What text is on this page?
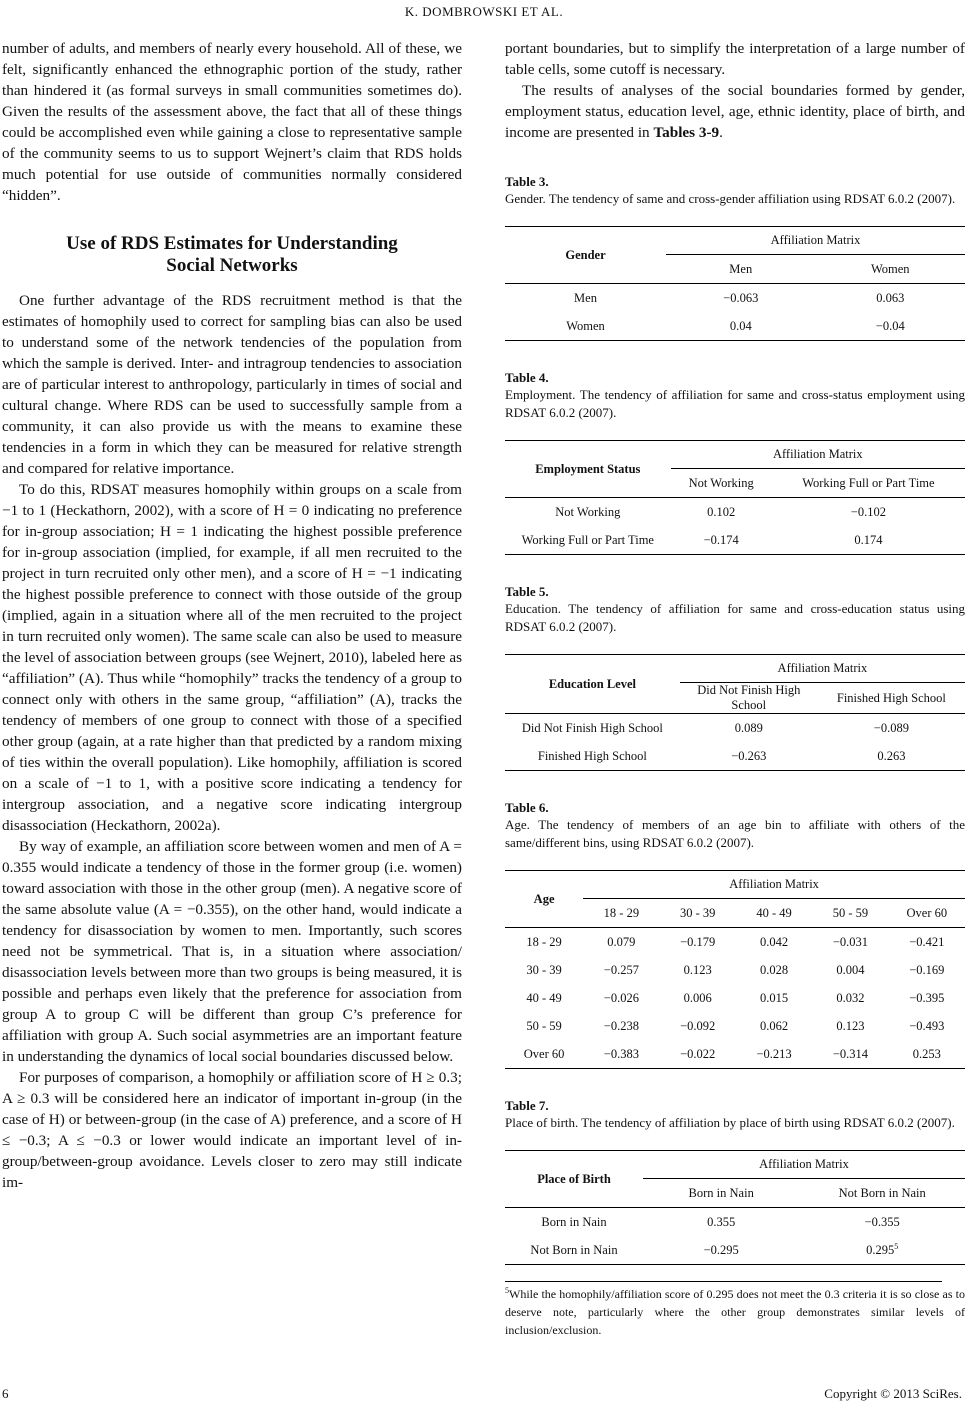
K. DOMBROWSKI ET AL.

number of adults, and members of nearly every household. All of these, we felt, significantly enhanced the ethnographic portion of the study, rather than hindered it (as formal surveys in small communities sometimes do). Given the results of the assessment above, the fact that all of these things could be accomplished even while gaining a close to representative sample of the community seems to us to support Wejnert’s claim that RDS holds much potential for use outside of communities normally considered “hidden”.

Use of RDS Estimates for Understanding
Social Networks

One further advantage of the RDS recruitment method is that the estimates of homophily used to correct for sampling bias can also be used to understand some of the network tendencies of the population from which the sample is derived. Inter- and intragroup tendencies to association are of particular interest to anthropology, particularly in times of social and cultural change. Where RDS can be used to successfully sample from a community, it can also provide us with the means to examine these tendencies in a form in which they can be measured for relative strength and compared for relative importance.

To do this, RDSAT measures homophily within groups on a scale from −1 to 1 (Heckathorn, 2002), with a score of H = 0 indicating no preference for in-group association; H = 1 indicating the highest possible preference for in-group association (implied, for example, if all men recruited to the project in turn recruited only other men), and a score of H = −1 indicating the highest possible preference to connect with those outside of the group (implied, again in a situation where all of the men recruited to the project in turn recruited only women). The same scale can also be used to measure the level of association between groups (see Wejnert, 2010), labeled here as “affiliation” (A). Thus while “homophily” tracks the tendency of a group to connect only with others in the same group, “affiliation” (A), tracks the tendency of members of one group to connect with those of a specified other group (again, at a rate higher than that predicted by a random mixing of ties within the overall population). Like homophily, affiliation is scored on a scale of −1 to 1, with a positive score indicating a tendency for intergroup association, and a negative score indicating intergroup disassociation (Heckathorn, 2002a).

By way of example, an affiliation score between women and men of A = 0.355 would indicate a tendency of those in the former group (i.e. women) toward association with those in the other group (men). A negative score of the same absolute value (A = −0.355), on the other hand, would indicate a tendency for disassociation by women to men. Importantly, such scores need not be symmetrical. That is, in a situation where association/ disassociation levels between more than two groups is being measured, it is possible and perhaps even likely that the preference for association from group A to group C will be different than group C’s preference for affiliation with group A. Such social asymmetries are an important feature in understanding the dynamics of local social boundaries discussed below.

For purposes of comparison, a homophily or affiliation score of H ≥ 0.3; A ≥ 0.3 will be considered here an indicator of important in-group (in the case of H) or between-group (in the case of A) preference, and a score of H ≤ −0.3; A ≤ −0.3 or lower would indicate an important level of in-group/between-group avoidance. Levels closer to zero may still indicate im-

portant boundaries, but to simplify the interpretation of a large number of table cells, some cutoff is necessary.

The results of analyses of the social boundaries formed by gender, employment status, education level, age, ethnic identity, place of birth, and income are presented in Tables 3-9.

Table 3.

Gender. The tendency of same and cross-gender affiliation using RDSAT 6.0.2 (2007).

Gender	Affiliation Matrix	
	Men	Women
Men	−0.063	0.063
Women	0.04	−0.04

Table 4.

Employment. The tendency of affiliation for same and cross-status employment using RDSAT 6.0.2 (2007).

Employment Status	Affiliation Matrix	
	Not Working	Working Full or Part Time
Not Working	0.102	−0.102
Working Full or Part Time	−0.174	0.174

Table 5.

Education. The tendency of affiliation for same and cross-education status using RDSAT 6.0.2 (2007).

Education Level	Affiliation Matrix	
	Did Not Finish High School	Finished High School
Did Not Finish High School	0.089	−0.089
Finished High School	−0.263	0.263

Table 6.

Age. The tendency of members of an age bin to affiliate with others of the same/different bins, using RDSAT 6.0.2 (2007).

Age	Affiliation Matrix				
	18 - 29	30 - 39	40 - 49	50 - 59	Over 60
18 - 29	0.079	−0.179	0.042	−0.031	−0.421
30 - 39	−0.257	0.123	0.028	0.004	−0.169
40 - 49	−0.026	0.006	0.015	0.032	−0.395
50 - 59	−0.238	−0.092	0.062	0.123	−0.493
Over 60	−0.383	−0.022	−0.213	−0.314	0.253

Table 7.

Place of birth. The tendency of affiliation by place of birth using RDSAT 6.0.2 (2007).

Place of Birth	Affiliation Matrix	
	Born in Nain	Not Born in Nain
Born in Nain	0.355	−0.355
Not Born in Nain	−0.295	0.295$^5$

$^5$While the homophily/affiliation score of 0.295 does not meet the 0.3 criteria it is so close as to deserve note, particularly where the other group demonstrates similar levels of inclusion/exclusion.

6	Copyright © 2013 SciRes.
